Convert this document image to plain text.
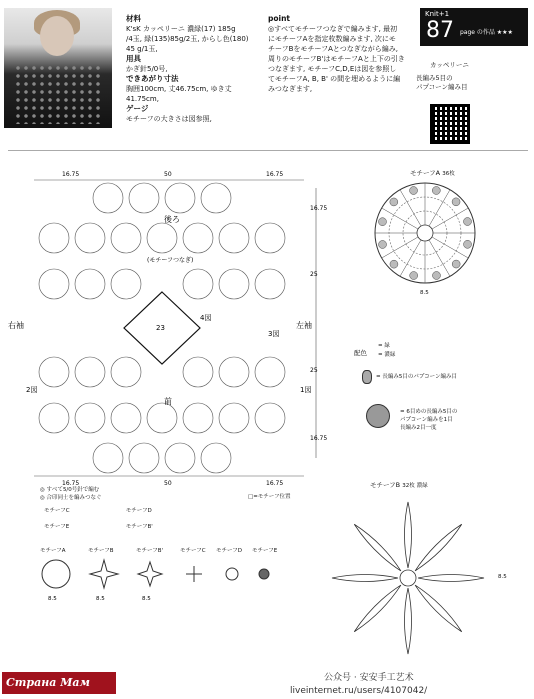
材料
K'sK カッペリーニ 濃緑(17) 185g
/4玉, 緑(135)85g/2玉, からし色(180)
45 g/1玉,
用具
かぎ針5/0号,
できあがり寸法
胸囲100cm, 丈46.75cm, ゆき丈41.75cm,
ゲージ
モチーフの大きさは図参照,
point
◎すべてモチーフつなぎで編みます, 最初
にモチーフAを指定枚数編みます, 次にモ
チーフBをモチーフAとつなぎながら編み,
周りのモチーフB'はモチーフAと上下の引き
つなぎます, モチーフC,D,Eは図を参照し
てモチーフA, B, B' の間を埋めるように編
みつなぎます,
Knit+1
87 page の作品 ★★★
カッペリーニ
長編み5目の
パプコーン編み目
16.75	50	16.75
16.75	50	16.75
16.75
25
25
16.75
後ろ
前
(モチーフつなぎ)
右袖	左袖
4図
3図
2図	1図
23
モチーフA 36枚
8.5
配色
= 緑
= 濃緑
= 長編み5目のパプコーン編み目
= 6目めの長編み5目の
パプコーン編みを1目
長編み2目一度
モチーフB 32枚 濃緑
8.5
◎ すべて5/0号針で編む
◎ 合印同士を編みつなぐ
モチーフC	モチーフD
モチーフE	モチーフB'
□=モチーフ位置
モチーフA	モチーフB	モチーフB'	モチーフC モチーフD モチーフE
8.5	8.5	8.5
Страна Мам	公众号 · 安安手工艺术
liveinternet.ru/users/4107042/
